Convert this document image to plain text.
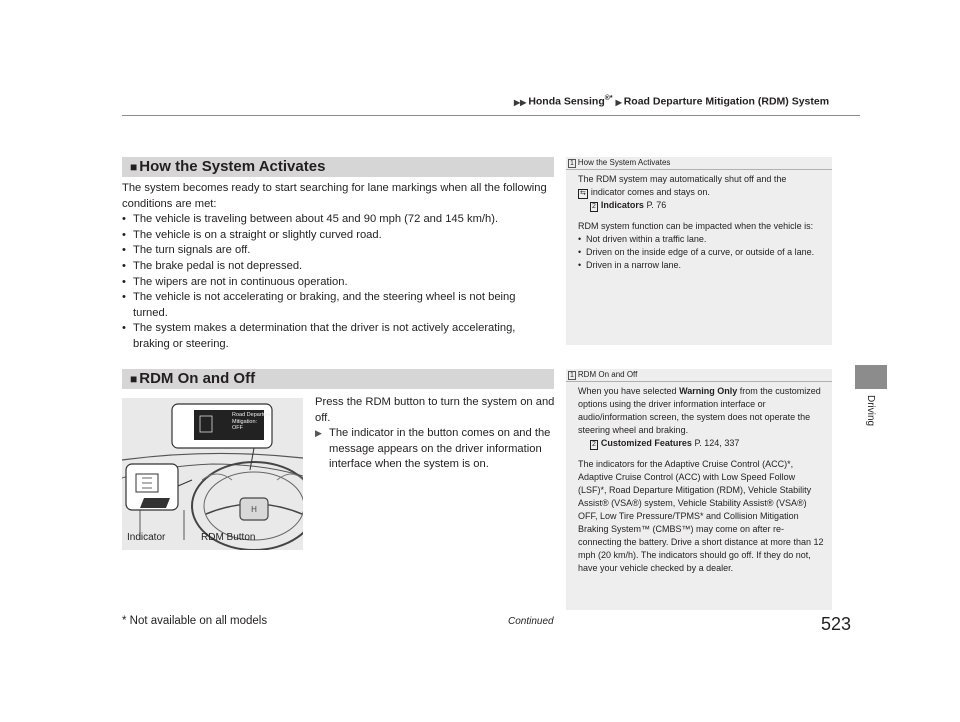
▶▶ Honda Sensing®* ▶ Road Departure Mitigation (RDM) System
Driving
■ How the System Activates

The system becomes ready to start searching for lane markings when all the following conditions are met:

• The vehicle is traveling between about 45 and 90 mph (72 and 145 km/h).
• The vehicle is on a straight or slightly curved road.
• The turn signals are off.
• The brake pedal is not depressed.
• The wipers are not in continuous operation.
• The vehicle is not accelerating or braking, and the steering wheel is not being turned.
• The system makes a determination that the driver is not actively accelerating, braking or steering.
1 How the System Activates

The RDM system may automatically shut off and the

⇆ indicator comes and stays on.

2 Indicators P. 76

RDM system function can be impacted when the vehicle is:

• Not driven within a traffic lane.
• Driven on the inside edge of a curve, or outside of a lane.
• Driven in a narrow lane.
■ RDM On and Off
H
Road Departure
Mitigation:
OFF
Indicator	RDM Button

Press the RDM button to turn the system on and off.

▶ The indicator in the button comes on and the message appears on the driver information interface when the system is on.

1 RDM On and Off

When you have selected Warning Only from the customized options using the driver information interface or audio/information screen, the system does not operate the steering wheel and braking.

2 Customized Features P. 124, 337

The indicators for the Adaptive Cruise Control (ACC)*, Adaptive Cruise Control (ACC) with Low Speed Follow (LSF)*, Road Departure Mitigation (RDM), Vehicle Stability Assist® (VSA®) system, Vehicle Stability Assist® (VSA®) OFF, Low Tire Pressure/TPMS* and Collision Mitigation Braking System™ (CMBS™) may come on after re-connecting the battery. Drive a short distance at more than 12 mph (20 km/h). The indicators should go off. If they do not, have your vehicle checked by a dealer.

* Not available on all models	Continued	523
